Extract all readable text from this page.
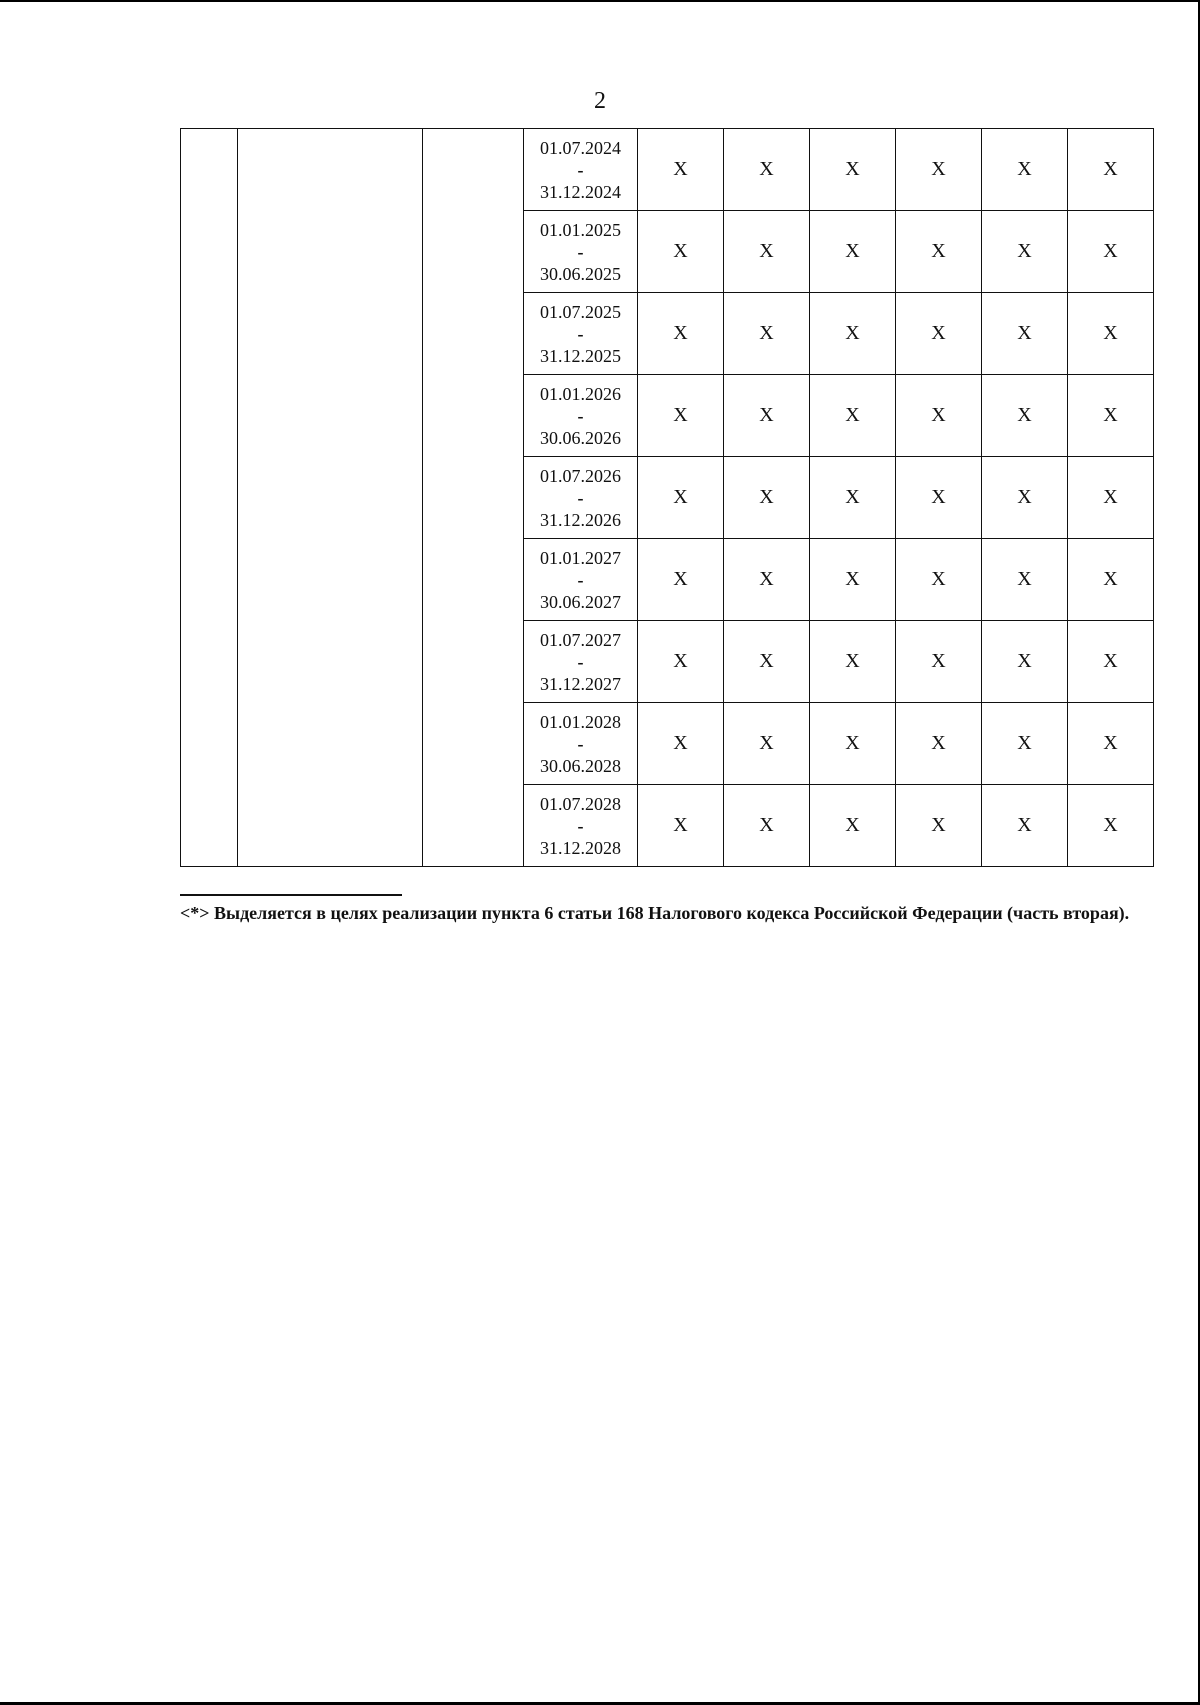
2

			01.07.2024
-
31.12.2024	X	X	X	X	X	X

			01.01.2025
-
30.06.2025	X	X	X	X	X	X

			01.07.2025
-
31.12.2025	X	X	X	X	X	X

			01.01.2026
-
30.06.2026	X	X	X	X	X	X

			01.07.2026
-
31.12.2026	X	X	X	X	X	X

			01.01.2027
-
30.06.2027	X	X	X	X	X	X

			01.07.2027
-
31.12.2027	X	X	X	X	X	X

			01.01.2028
-
30.06.2028	X	X	X	X	X	X

			01.07.2028
-
31.12.2028	X	X	X	X	X	X
<*> Выделяется в целях реализации пункта 6 статьи 168 Налогового кодекса Российской Федерации (часть вторая).
